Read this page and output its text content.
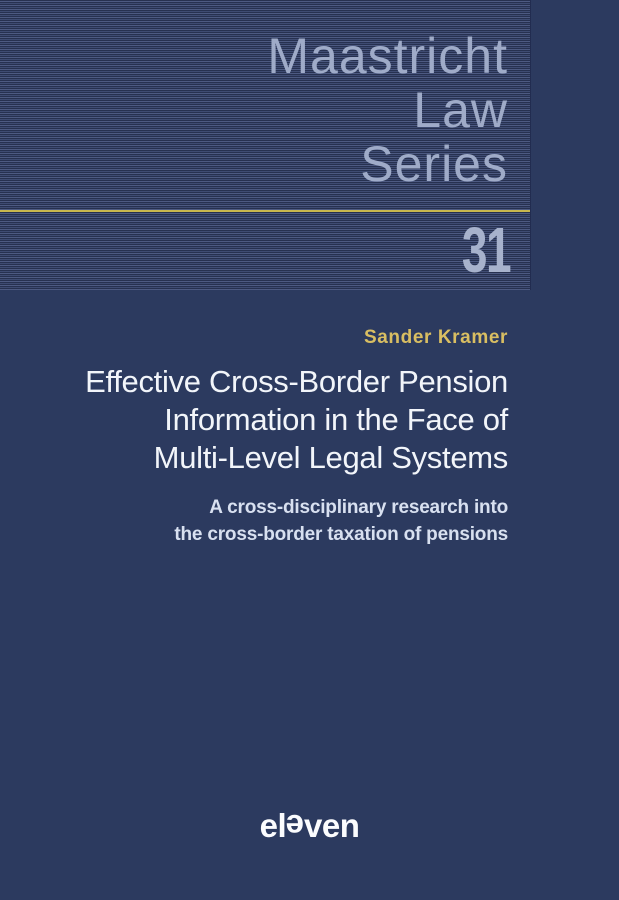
Maastricht
Law
Series
31
Sander Kramer
Effective Cross-Border Pension
Information in the Face of
Multi-Level Legal Systems
A cross-disciplinary research into
the cross-border taxation of pensions
eleven
